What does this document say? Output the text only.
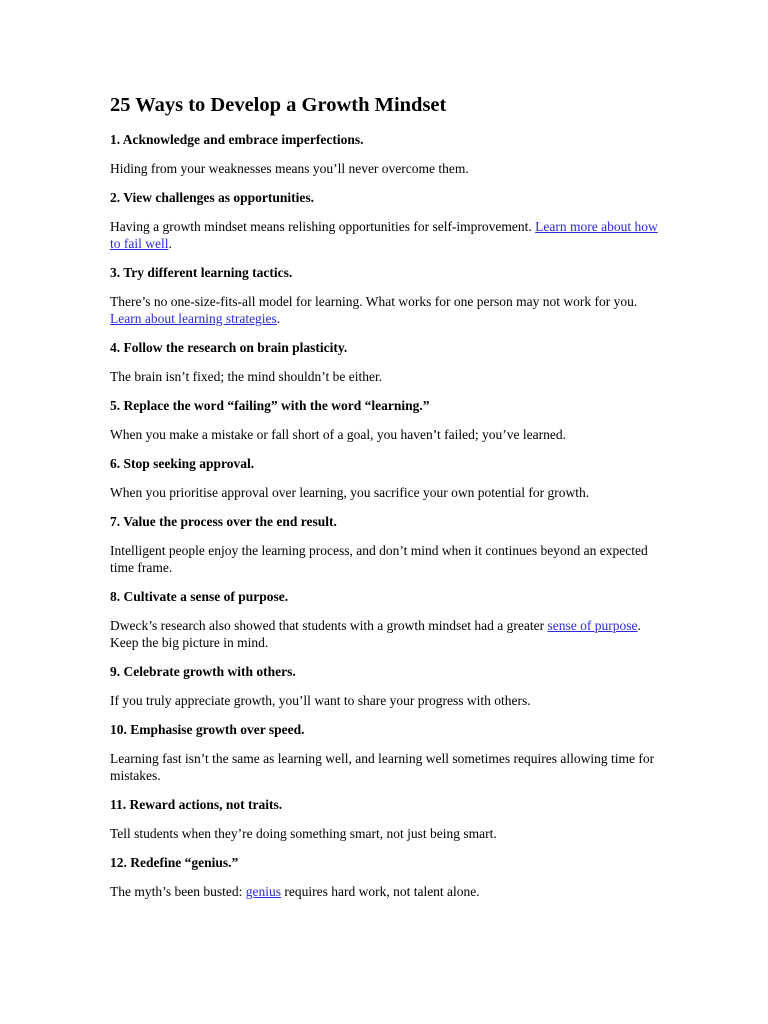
25 Ways to Develop a Growth Mindset
1. Acknowledge and embrace imperfections.
Hiding from your weaknesses means you’ll never overcome them.
2. View challenges as opportunities.
Having a growth mindset means relishing opportunities for self-improvement. Learn more about how to fail well.
3. Try different learning tactics.
There’s no one-size-fits-all model for learning. What works for one person may not work for you. Learn about learning strategies.
4. Follow the research on brain plasticity.
The brain isn’t fixed; the mind shouldn’t be either.
5. Replace the word “failing” with the word “learning.”
When you make a mistake or fall short of a goal, you haven’t failed; you’ve learned.
6. Stop seeking approval.
When you prioritise approval over learning, you sacrifice your own potential for growth.
7. Value the process over the end result.
Intelligent people enjoy the learning process, and don’t mind when it continues beyond an expected time frame.
8. Cultivate a sense of purpose.
Dweck’s research also showed that students with a growth mindset had a greater sense of purpose. Keep the big picture in mind.
9. Celebrate growth with others.
If you truly appreciate growth, you’ll want to share your progress with others.
10. Emphasise growth over speed.
Learning fast isn’t the same as learning well, and learning well sometimes requires allowing time for mistakes.
11. Reward actions, not traits.
Tell students when they’re doing something smart, not just being smart.
12. Redefine “genius.”
The myth’s been busted: genius requires hard work, not talent alone.
